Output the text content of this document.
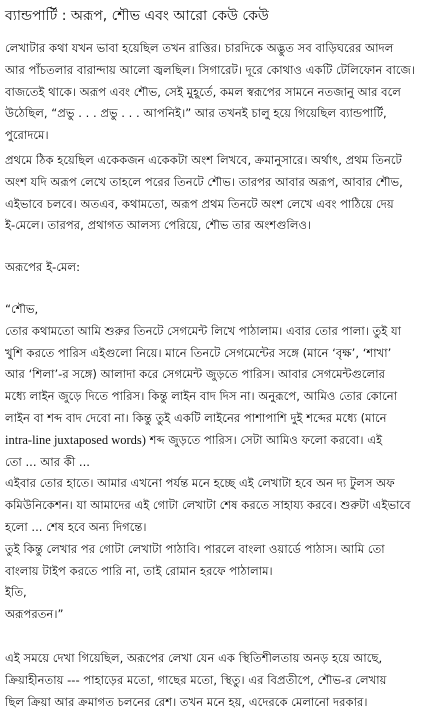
ব্যান্ডপার্টি : অরূপ, শৌভ এবং আরো কেউ কেউ

লেখাটার কথা যখন ভাবা হয়েছিল তখন রাত্তির। চারদিকে অদ্ভুত সব বাড়িঘরের আদল

আর পাঁচতলার বারান্দায় আলো জ্বলছিল। সিগারেট। দূরে কোথাও একটি টেলিফোন বাজে।

বাজতেই থাকে। অরূপ এবং শৌভ, সেই মুহূর্তে, কমল স্বরূপের সামনে নতজানু আর বলে

উঠেছিল, “প্রভু . . . প্রভু . . . আপনিই।” আর তখনই চালু হয়ে গিয়েছিল ব্যান্ডপার্টি,

পুরোদমে।

প্রথমে ঠিক হয়েছিল একেকজন একেকটা অংশ লিখবে, ক্রমানুসারে। অর্থাৎ, প্রথম তিনটে

অংশ যদি অরূপ লেখে তাহলে পরের তিনটে শৌভ। তারপর আবার অরূপ, আবার শৌভ,

এইভাবে চলবে। অতএব, কথামতো, অরূপ প্রথম তিনটে অংশ লেখে এবং পাঠিয়ে দেয়

ই-মেলে। তারপর, প্রথাগত আলস্য পেরিয়ে, শৌভ তার অংশগুলিও।

অরূপের ই-মেল:

“শৌভ,

তোর কথামতো আমি শুরুর তিনটে সেগমেন্ট লিখে পাঠালাম। এবার তোর পালা। তুই যা

খুশি করতে পারিস এইগুলো নিয়ে। মানে তিনটে সেগমেন্টের সঙ্গে (মানে ‘বৃক্ষ’, ‘শাখা’

আর ‘শিলা’-র সঙ্গে) আলাদা করে সেগমেন্ট জুড়তে পারিস। আবার সেগমেন্টগুলোর

মধ্যে লাইন জুড়ে দিতে পারিস। কিন্তু লাইন বাদ দিস না। অনুরূপে, আমিও তোর কোনো

লাইন বা শব্দ বাদ দেবো না। কিন্তু তুই একটি লাইনের পাশাপাশি দুই শব্দের মধ্যে (মানে

intra-line juxtaposed words) শব্দ জুড়তে পারিস। সেটা আমিও ফলো করবো। এই

তো ... আর কী ...

এইবার তোর হাতে। আমার এখনো পর্যন্ত মনে হচ্ছে এই লেখাটা হবে অন দ্য টুলস অফ

কমিউনিকেশন। যা আমাদের এই গোটা লেখাটা শেষ করতে সাহায্য করবে। শুরুটা এইভাবে

হলো ... শেষ হবে অন্য দিগন্তে।

তুই কিন্তু লেখার পর গোটা লেখাটা পাঠাবি। পারলে বাংলা ওয়ার্ডে পাঠাস। আমি তো

বাংলায় টাইপ করতে পারি না, তাই রোমান হরফে পাঠালাম।

ইতি,

অরূপরতন।”

এই সময়ে দেখা গিয়েছিল, অরূপের লেখা যেন এক স্থিতিশীলতায় অনড় হয়ে আছে,

ক্রিয়াহীনতায় --- পাহাড়ের মতো, গাছের মতো, স্থিতু। এর বিপ্রতীপে, শৌভ-র লেখায়

ছিল ক্রিয়া আর ক্রমাগত চলনের রেশ। তখন মনে হয়, এদেরকে মেলানো দরকার।
